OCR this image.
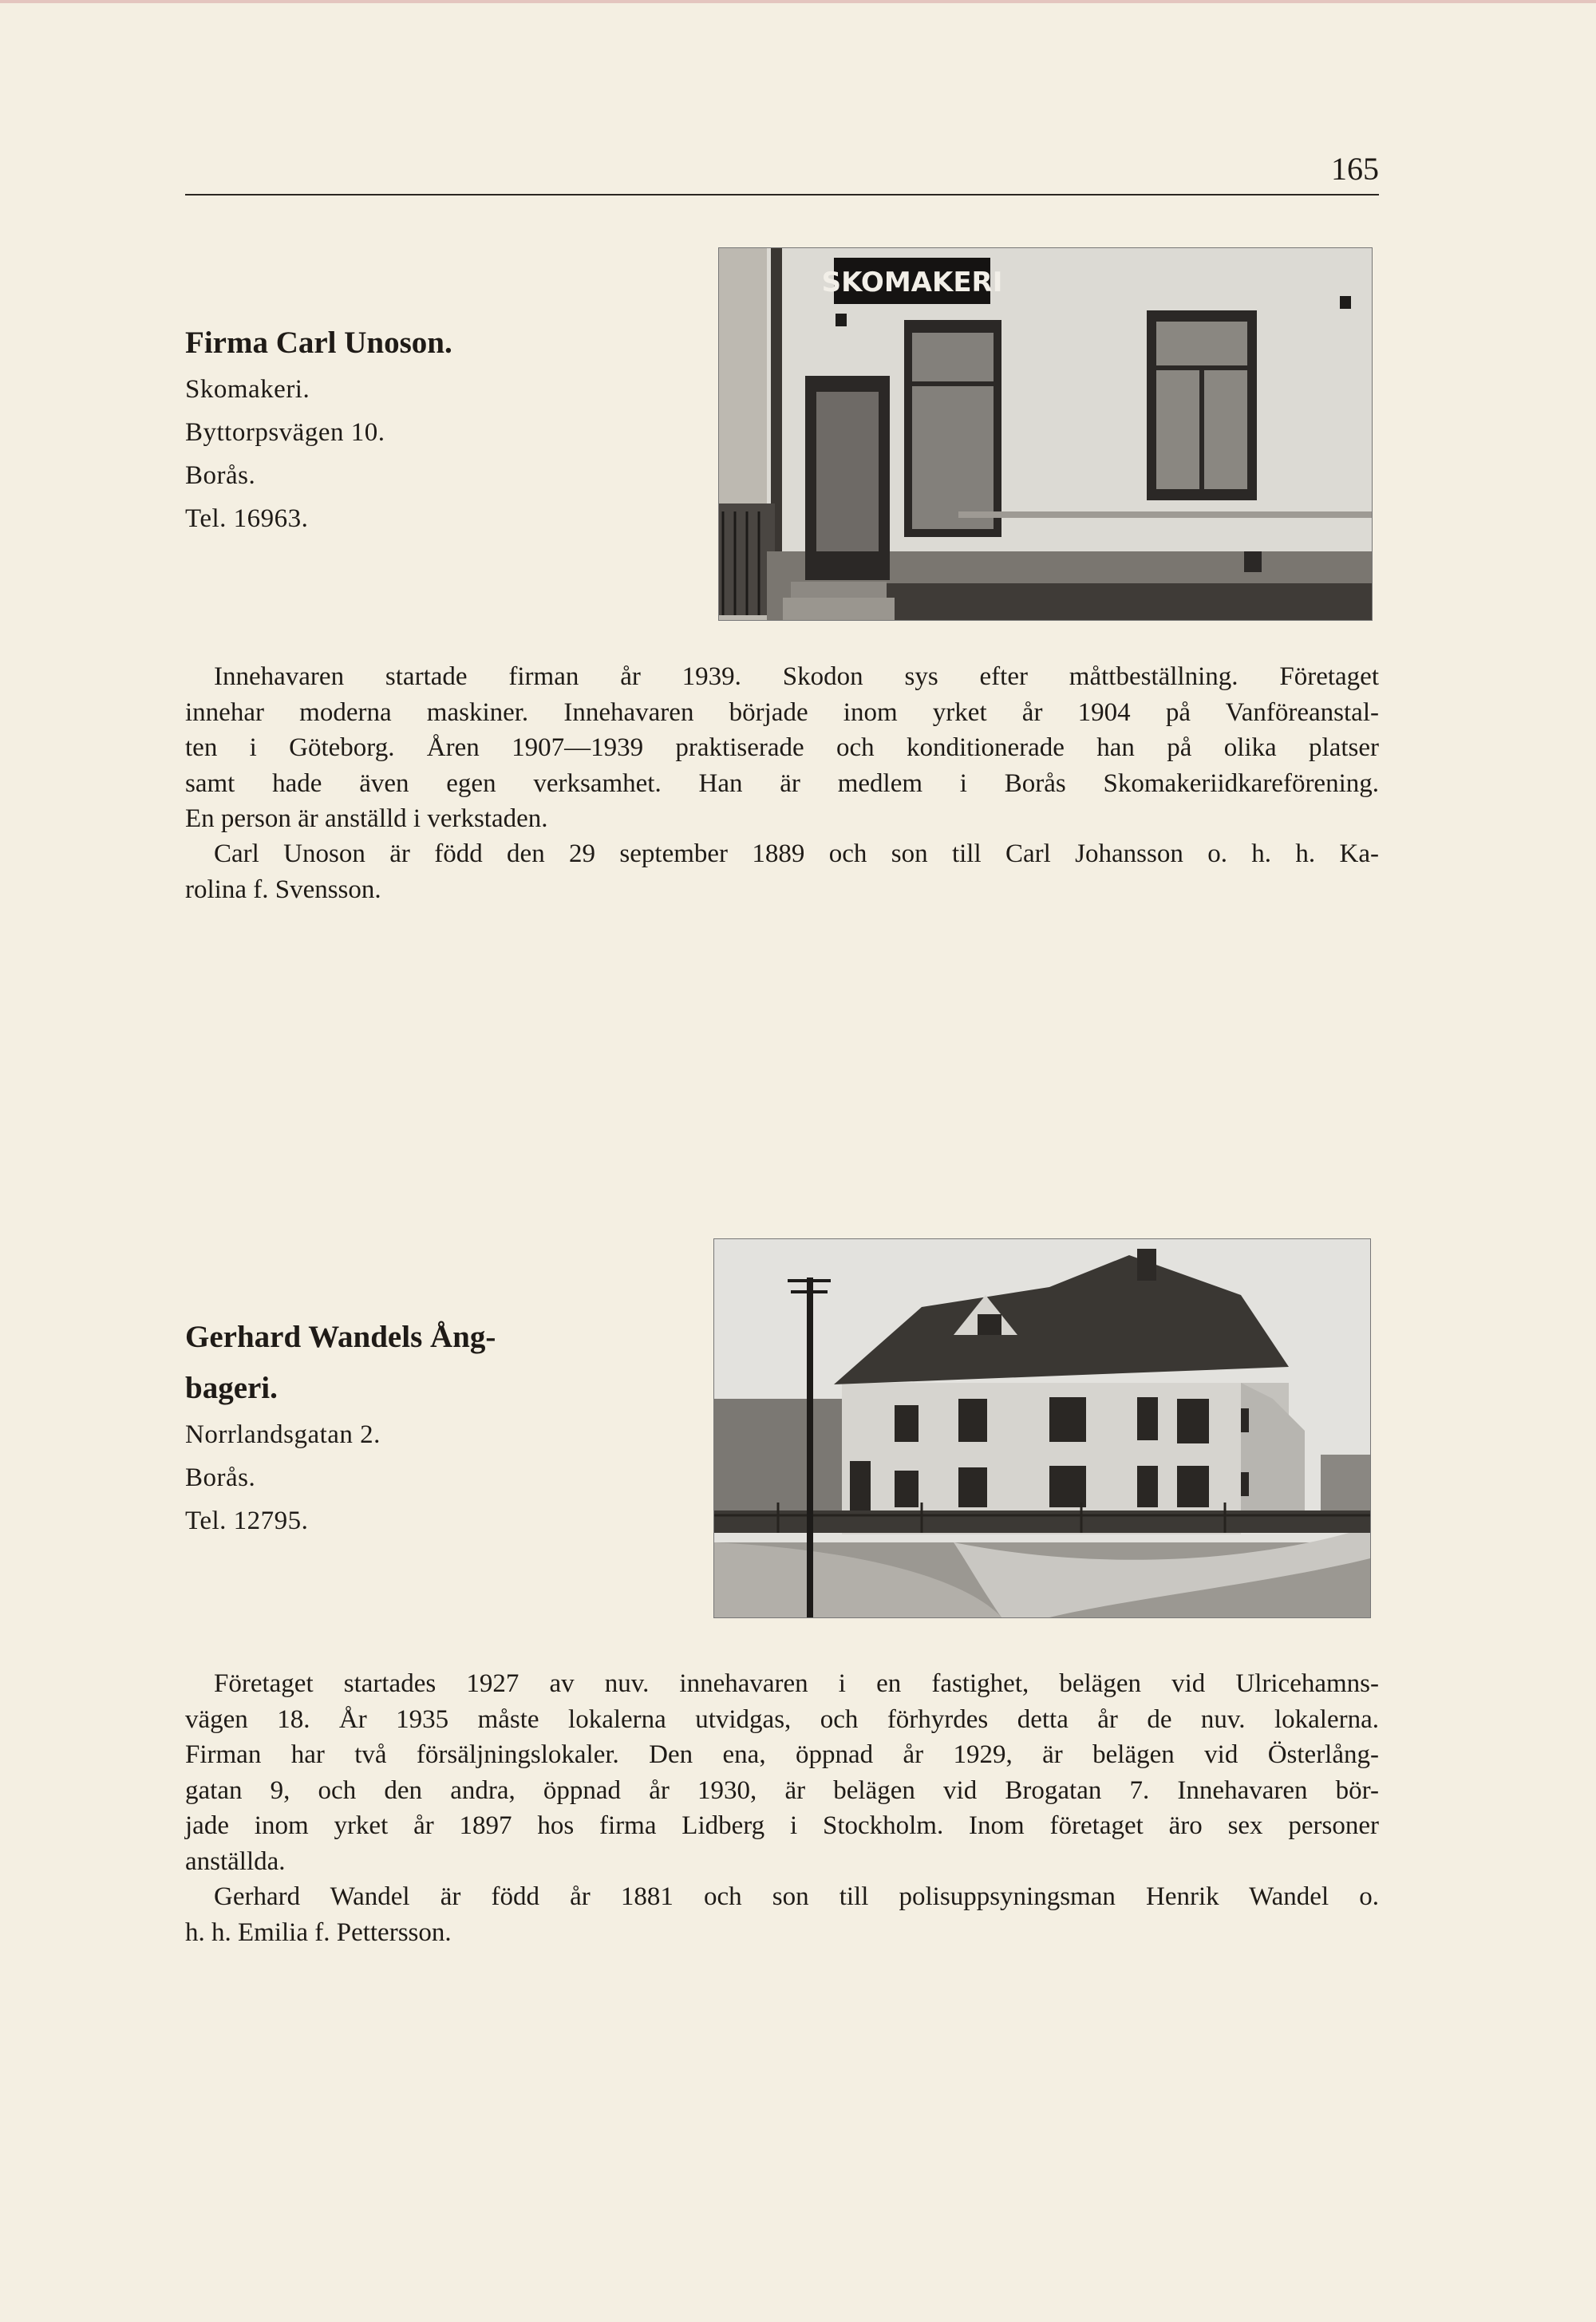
165
Firma Carl Unoson.
Skomakeri.
Byttorpsvägen 10.
Borås.
Tel. 16963.
SKOMAKERI
Innehavaren startade firman år 1939. Skodon sys efter måttbeställning. Företaget
innehar moderna maskiner. Innehavaren började inom yrket år 1904 på Vanföreanstal-
ten i Göteborg. Åren 1907—1939 praktiserade och konditionerade han på olika platser
samt hade även egen verksamhet. Han är medlem i Borås Skomakeriidkareförening.
En person är anställd i verkstaden.
Carl Unoson är född den 29 september 1889 och son till Carl Johansson o. h. h. Ka-
rolina f. Svensson.
Gerhard Wandels Ång-
bageri.
Norrlandsgatan 2.
Borås.
Tel. 12795.
Företaget startades 1927 av nuv. innehavaren i en fastighet, belägen vid Ulricehamns-
vägen 18. År 1935 måste lokalerna utvidgas, och förhyrdes detta år de nuv. lokalerna.
Firman har två försäljningslokaler. Den ena, öppnad år 1929, är belägen vid Österlång-
gatan 9, och den andra, öppnad år 1930, är belägen vid Brogatan 7. Innehavaren bör-
jade inom yrket år 1897 hos firma Lidberg i Stockholm. Inom företaget äro sex personer
anställda.
Gerhard Wandel är född år 1881 och son till polisuppsyningsman Henrik Wandel o.
h. h. Emilia f. Pettersson.
